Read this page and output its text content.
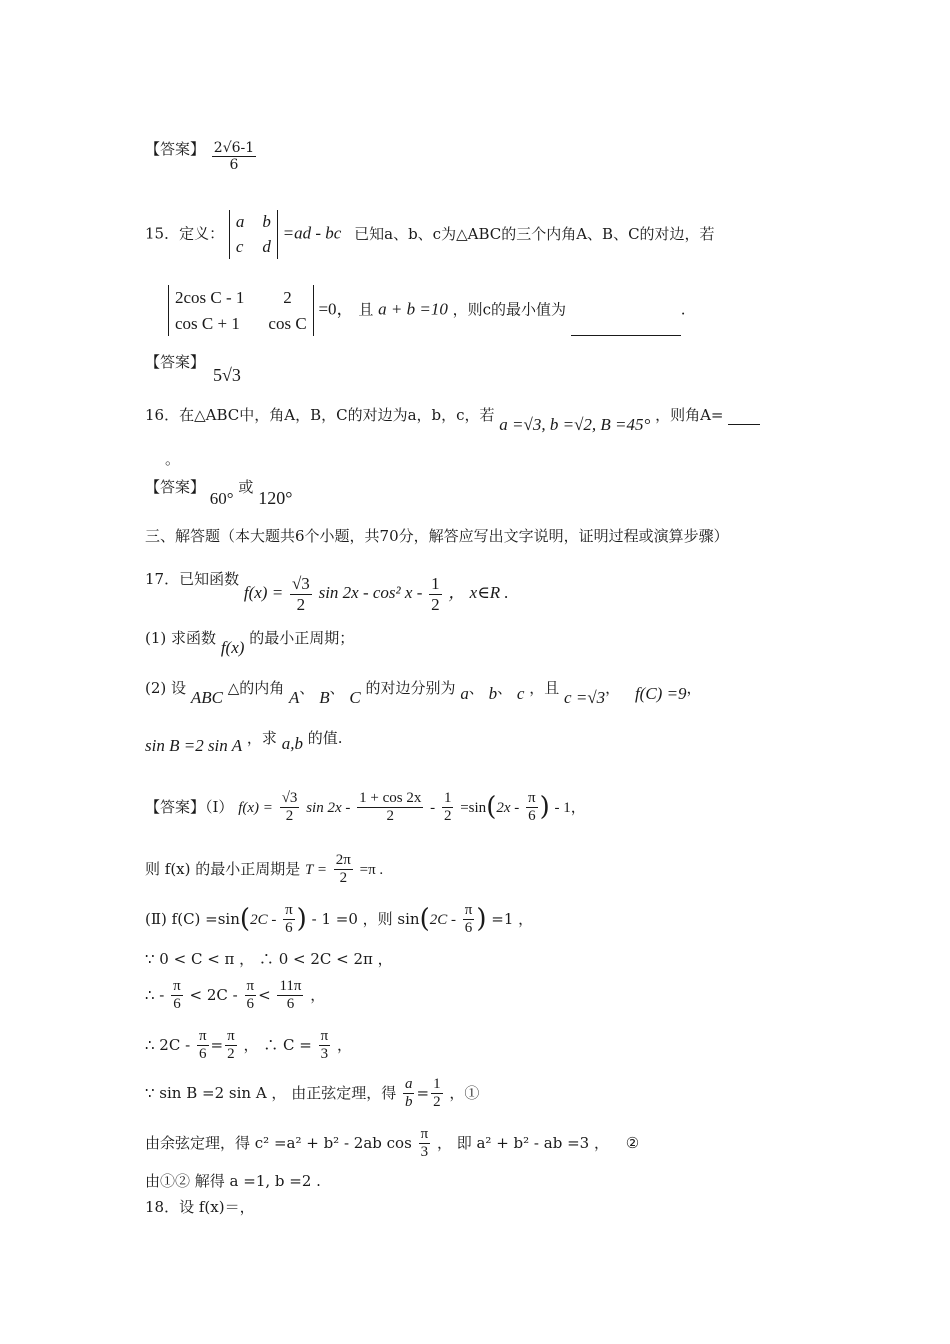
【答案】 $\frac{2√6-1}{6}$
15．定义：
a b
c d
=ad - bc 已知a、b、c为△ABC的三个内角A、B、C的对边，若
2cos C - 1	2
cos C + 1 cos C
=0， 且 a + b =10 ，则c的最小值为	.
【答案】
5√3
16．在△ABC中，角A，B，C的对边为a，b，c，若 a =√3, b =√2, B =45° ，则角A=
。
【答案】 60° 或 120°
三、解答题（本大题共6个小题，共70分，解答应写出文字说明，证明过程或演算步骤）
17．已知函数 $f(x) = \frac{√3}{2}$ sin 2x - cos² x - $\frac{1}{2}$ ， x∈R .
(1) 求函数 f(x) 的最小正周期；
(2) 设 ABC △的内角 A、 B、 C 的对边分别为 a、 b、 c ，且 c =√3， f(C) =9，
sin B =2 sin A ，求 a,b 的值.
【答案】（Ⅰ） $f(x) = \frac{√3}{2}$ $\sin 2x - \frac{1 + \cos 2x}{2} - \frac{1}{2} =\sin(2x - \frac{\pi}{6}$ ) - 1，
则 f(x) 的最小正周期是 $T = \frac{2\pi}{2} =\pi$ .
(Ⅱ) $f(C) =\sin(2C - \frac{\pi}{6}$ ) - 1 =0 ，则 $\sin(2C - \frac{\pi}{6}$ ) =1 ，
∵ 0 < C < π ， ∴ 0 < 2C < 2π ，
∴ - $\frac{\pi}{6} < 2C - \frac{\pi}{6} < \frac{11\pi}{6}$ ，
∴ $2C - \frac{\pi}{6} = \frac{\pi}{2}$ ， ∴ $C = \frac{\pi}{3}$ ，
∵ sin B =2 sin A ， 由正弦定理，得 $\frac{a}{b} = \frac{1}{2}$ ，①
由余弦定理，得 c² =a² + b² - 2ab $\cos \frac{\pi}{3}$ ， 即 a² + b² - ab =3 ， ②
由①② 解得 a =1, b =2 .
18．设 f(x)＝，
